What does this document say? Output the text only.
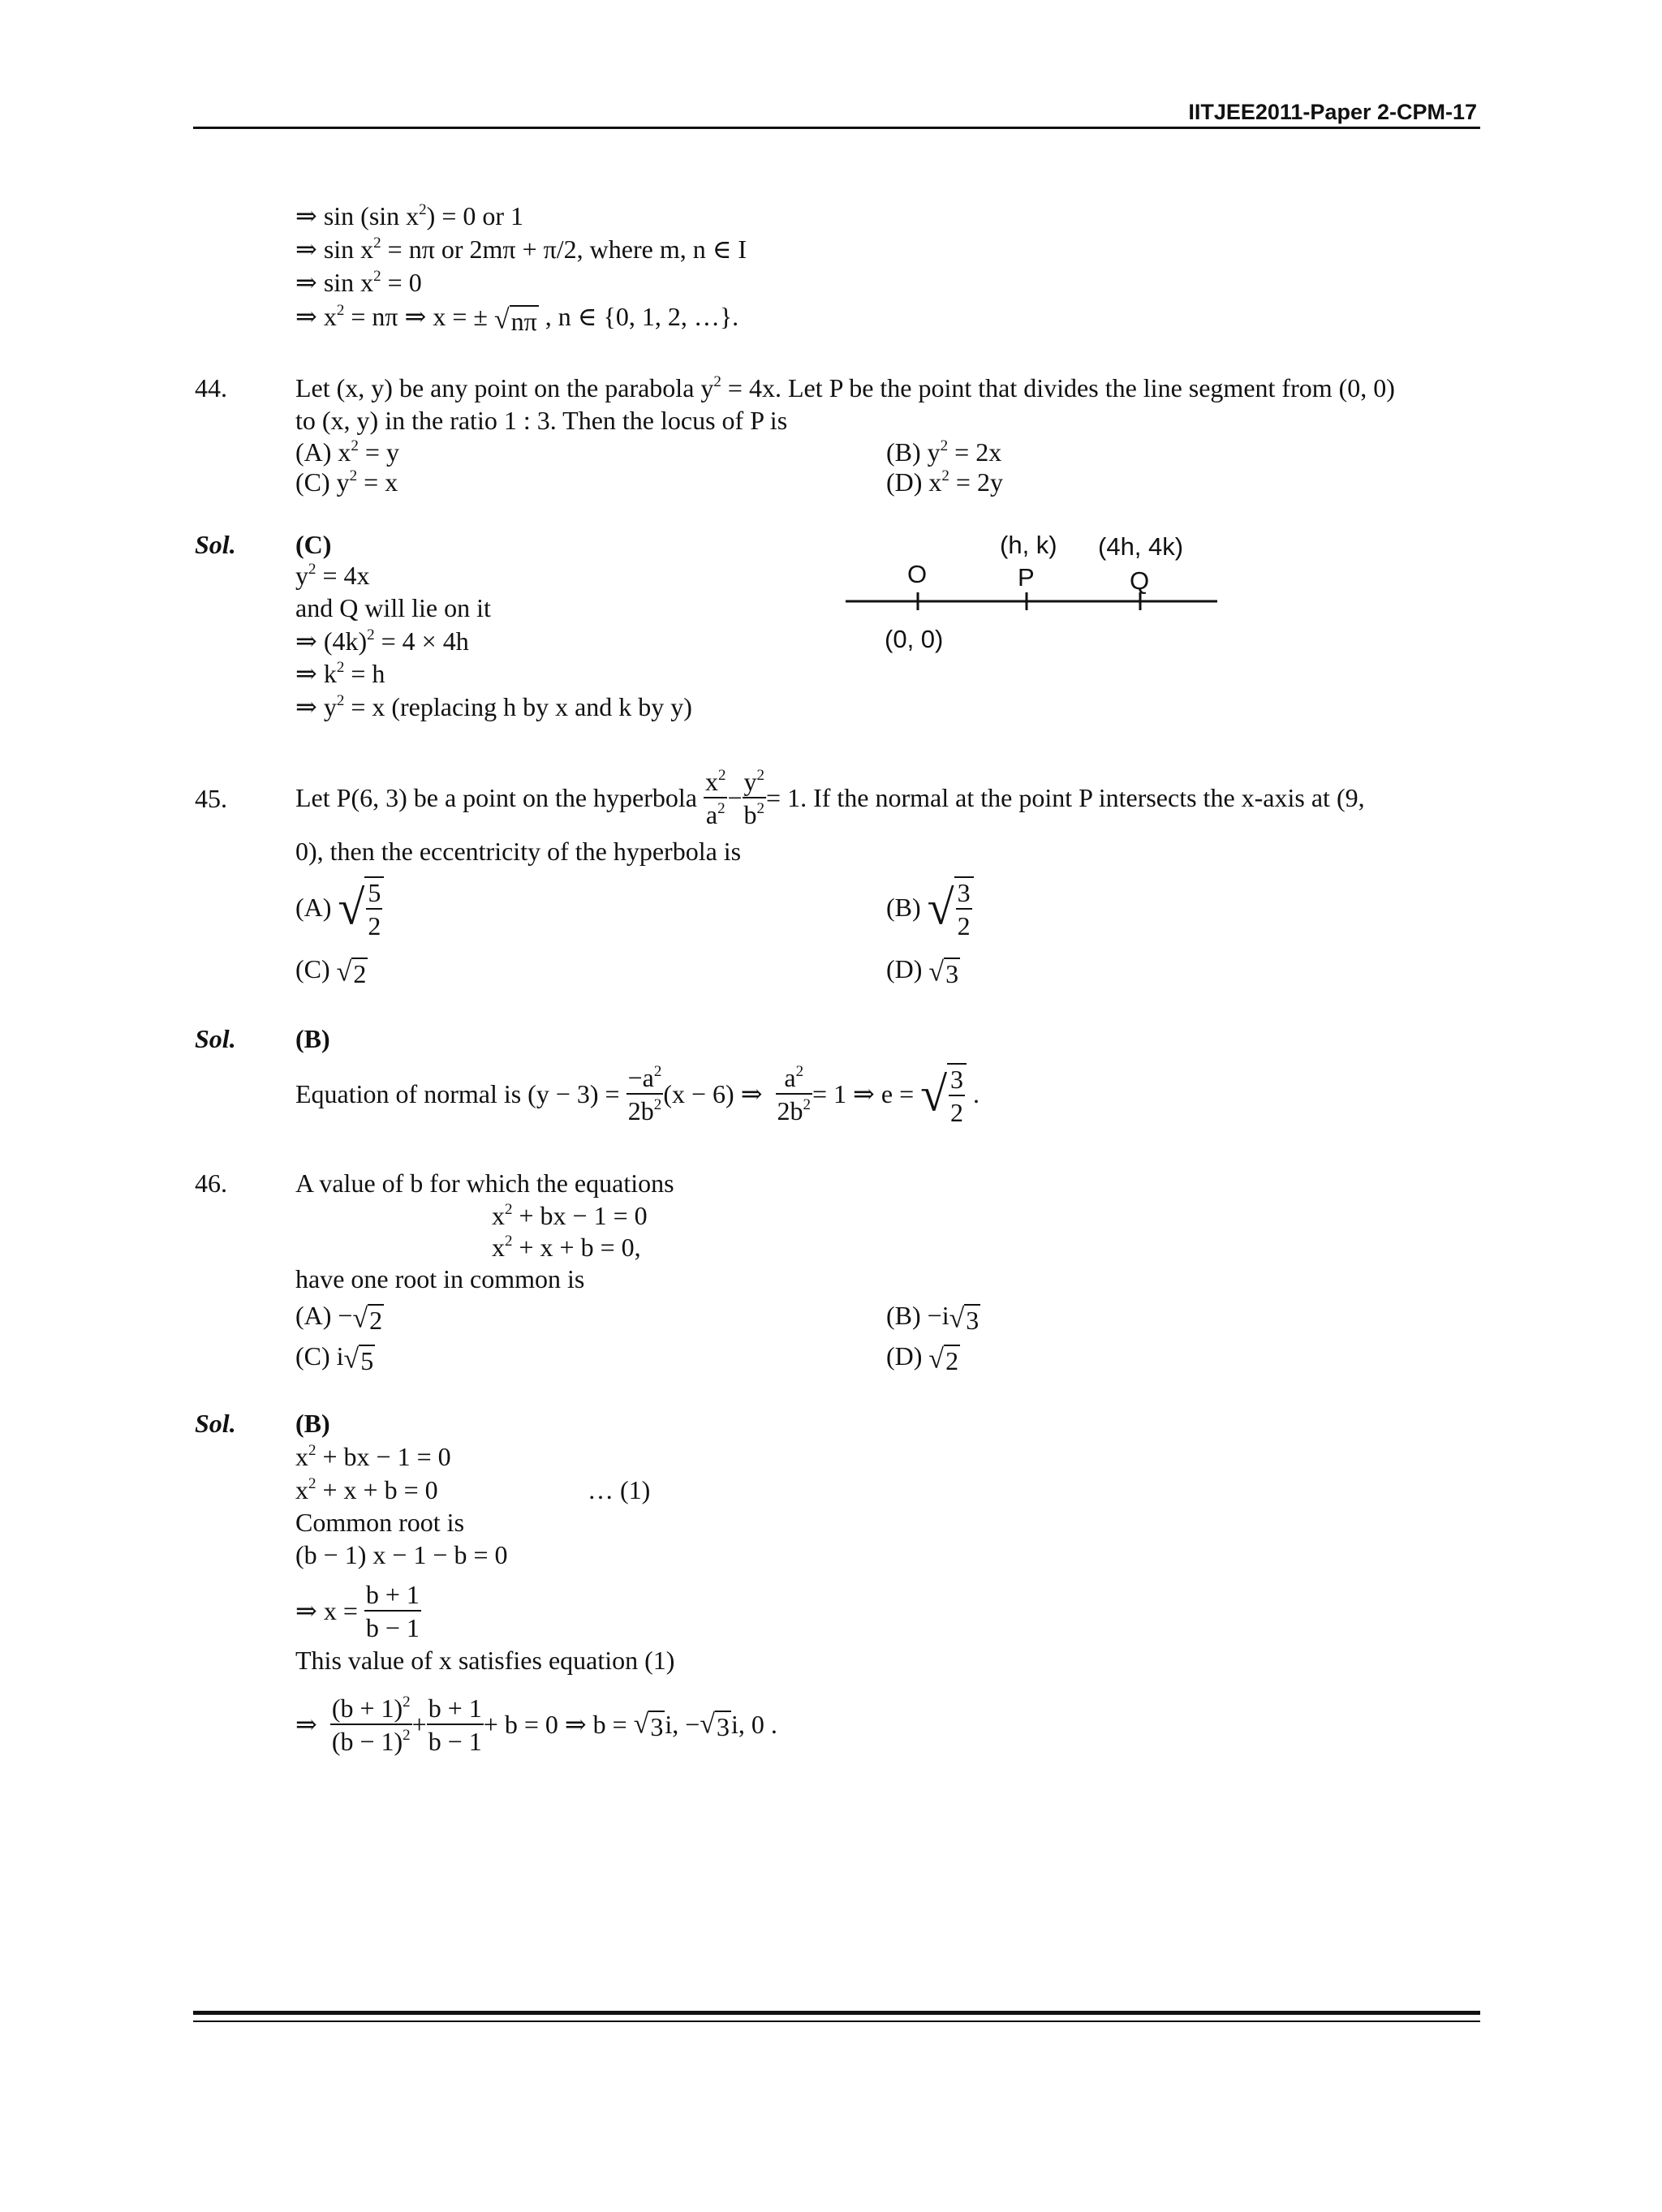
IITJEE2011-Paper 2-CPM-17
⇒ sin (sin $x^2) = 0$ or 1
⇒ $\sin x^2 = n\pi$ or 2mπ + π/2, where m, n ∈ I
⇒ $\sin x^2 = 0$
⇒ $x^2 = n\pi$ ⇒ x = ± √nπ , n ∈ {0, 1, 2, …}.
44.	Let (x, y) be any point on the parabola $y^2 = 4x$. Let P be the point that divides the line segment from (0, 0)
to (x, y) in the ratio 1 : 3. Then the locus of P is
(A) $x^2 = y$	(B) $y^2 = 2x$
(C) $y^2 = x$	(D) $x^2 = 2y$
Sol. (C)
$y^2 = 4x$
and Q will lie on it
⇒ $(4k)^2 = 4 \times 4h$
⇒ $k^2 = h$
⇒ $y^2 = x$ (replacing h by x and k by y)
O
(0, 0)
P
(h, k)
Q
(4h, 4k)
45.	Let P(6, 3) be a point on the hyperbola
$\frac{x^2}{a^2} - \frac{y^2}{b^2} = 1$ . If the normal at the point P intersects the x-axis at (9,
0), then the eccentricity of the hyperbola is
(A)
√ $\frac{5}{2}$	(B)
√ $\frac{3}{2}$
(C) √2	(D) √3
Sol. (B)
Equation of normal is (y − 3) =
$\frac{-a^2}{2b^2} (x - 6)$ ⇒
$\frac{a^2}{2b^2} = 1$ ⇒ e =
√ $\frac{3}{2}$
.
46.	A value of b for which the equations
$x^2$ + bx − 1 = 0
$x^2 + x + b = 0$,
have one root in common is
(A) −√2	(B) −i√3
(C) i√5	(D) √2
Sol. (B)
$x^2$ + bx − 1 = 0
$x^2 + x + b = 0$	… (1)
Common root is
(b − 1) x − 1 − b = 0
⇒ x =
$\frac{b + 1}{b - 1}$
This value of x satisfies equation (1)
⇒
$\frac{(b + 1)^2}{(b - 1)^2} + \frac{b + 1}{b - 1} + b = 0$ ⇒ b =
√3 i, − √3 i, 0 .
